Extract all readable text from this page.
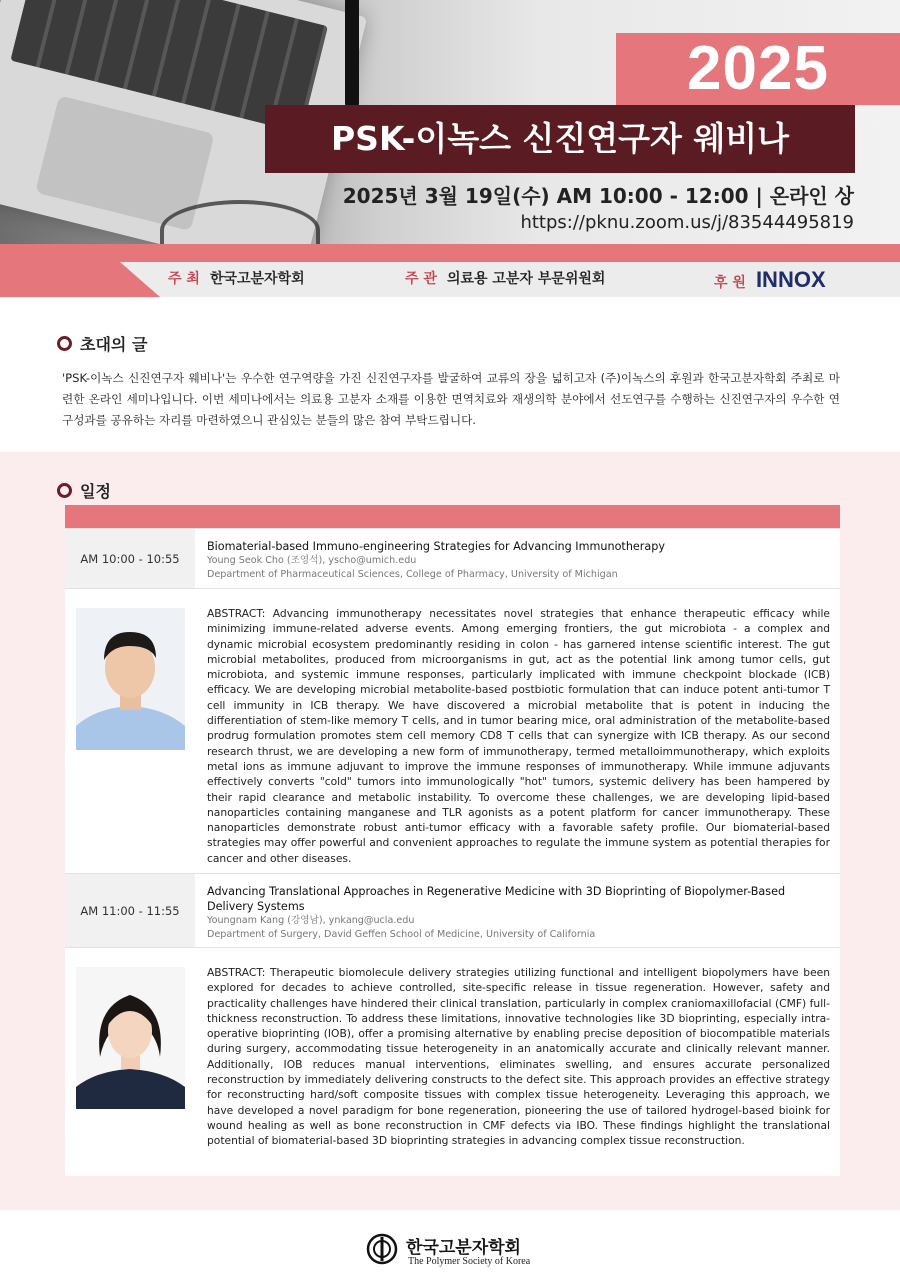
2025
PSK-이녹스 신진연구자 웨비나
2025년 3월 19일(수) AM 10:00 - 12:00 | 온라인 상
https://pknu.zoom.us/j/83544495819
주 최 한국고분자학회	주 관 의료용 고분자 부문위원회	후 원 INNOX
초대의 글
'PSK-이녹스 신진연구자 웨비나'는 우수한 연구역량을 가진 신진연구자를 발굴하여 교류의 장을 넓히고자 (주)이녹스의 후원과 한국고분자학회 주최로 마련한 온라인 세미나입니다. 이번 세미나에서는 의료용 고분자 소재를 이용한 면역치료와 재생의학 분야에서 선도연구를 수행하는 신진연구자의 우수한 연구성과를 공유하는 자리를 마련하였으니 관심있는 분들의 많은 참여 부탁드립니다.
일정
AM 10:00 - 10:55
Biomaterial-based Immuno-engineering Strategies for Advancing Immunotherapy
Young Seok Cho (조영석), yscho@umich.edu
Department of Pharmaceutical Sciences, College of Pharmacy, University of Michigan
ABSTRACT: Advancing immunotherapy necessitates novel strategies that enhance therapeutic efficacy while minimizing immune-related adverse events. Among emerging frontiers, the gut microbiota - a complex and dynamic microbial ecosystem predominantly residing in colon - has garnered intense scientific interest. The gut microbial metabolites, produced from microorganisms in gut, act as the potential link among tumor cells, gut microbiota, and systemic immune responses, particularly implicated with immune checkpoint blockade (ICB) efficacy. We are developing microbial metabolite-based postbiotic formulation that can induce potent anti-tumor T cell immunity in ICB therapy. We have discovered a microbial metabolite that is potent in inducing the differentiation of stem-like memory T cells, and in tumor bearing mice, oral administration of the metabolite-based prodrug formulation promotes stem cell memory CD8 T cells that can synergize with ICB therapy. As our second research thrust, we are developing a new form of immunotherapy, termed metalloimmunotherapy, which exploits metal ions as immune adjuvant to improve the immune responses of immunotherapy. While immune adjuvants effectively converts "cold" tumors into immunologically "hot" tumors, systemic delivery has been hampered by their rapid clearance and metabolic instability. To overcome these challenges, we are developing lipid-based nanoparticles containing manganese and TLR agonists as a potent platform for cancer immunotherapy. These nanoparticles demonstrate robust anti-tumor efficacy with a favorable safety profile. Our biomaterial-based strategies may offer powerful and convenient approaches to regulate the immune system as potential therapies for cancer and other diseases.
AM 11:00 - 11:55
Advancing Translational Approaches in Regenerative Medicine with 3D Bioprinting of Biopolymer-Based Delivery Systems
Youngnam Kang (강영남), ynkang@ucla.edu
Department of Surgery, David Geffen School of Medicine, University of California
ABSTRACT: Therapeutic biomolecule delivery strategies utilizing functional and intelligent biopolymers have been explored for decades to achieve controlled, site-specific release in tissue regeneration. However, safety and practicality challenges have hindered their clinical translation, particularly in complex craniomaxillofacial (CMF) full-thickness reconstruction. To address these limitations, innovative technologies like 3D bioprinting, especially intra-operative bioprinting (IOB), offer a promising alternative by enabling precise deposition of biocompatible materials during surgery, accommodating tissue heterogeneity in an anatomically accurate and clinically relevant manner. Additionally, IOB reduces manual interventions, eliminates swelling, and ensures accurate personalized reconstruction by immediately delivering constructs to the defect site. This approach provides an effective strategy for reconstructing hard/soft composite tissues with complex tissue heterogeneity. Leveraging this approach, we have developed a novel paradigm for bone regeneration, pioneering the use of tailored hydrogel-based bioink for wound healing as well as bone reconstruction in CMF defects via IBO. These findings highlight the translational potential of biomaterial-based 3D bioprinting strategies in advancing complex tissue reconstruction.
한국고분자학회
The Polymer Society of Korea
